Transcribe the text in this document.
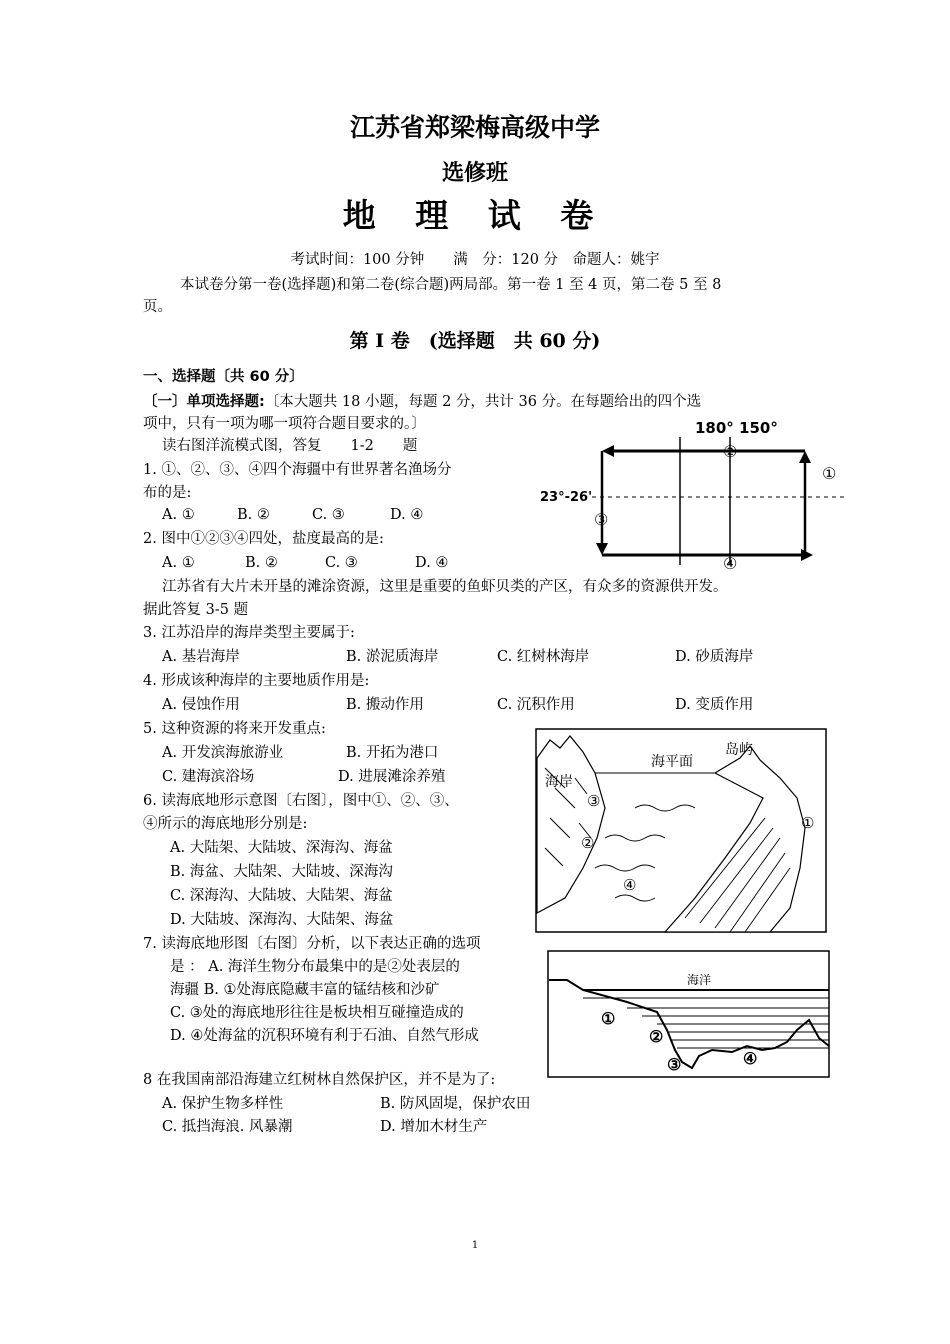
江苏省郑梁梅高级中学
选修班
地 理 试 卷
考试时间：100 分钟　　满　分：120 分　命题人：姚宇
本试卷分第一卷(选择题)和第二卷(综合题)两局部。第一卷 1 至 4 页，第二卷 5 至 8
页。
第 I 卷　(选择题　共 60 分)
一、选择题〔共 60 分〕
〔一〕单项选择题:〔本大题共 18 小题，每题 2 分，共计 36 分。在每题给出的四个选
项中，只有一项为哪一项符合题目要求的。〕
读右图洋流模式图，答复　　1-2　　题
1. ①、②、③、④四个海疆中有世界著名渔场分
布的是:
A. ①	B. ②	C. ③	D. ④
2. 图中①②③④四处，盐度最高的是:
A. ①	B. ②	C. ③	D. ④
180° 150°
23°-26'
①
②
③
④
江苏省有大片未开垦的滩涂资源，这里是重要的鱼虾贝类的产区，有众多的资源供开发。
据此答复 3-5 题
3. 江苏沿岸的海岸类型主要属于:
A. 基岩海岸	B. 淤泥质海岸	C. 红树林海岸	D. 砂质海岸
4. 形成该种海岸的主要地质作用是:
A. 侵蚀作用	B. 搬动作用	C. 沉积作用	D. 变质作用
5. 这种资源的将来开发重点:
A. 开发滨海旅游业	B. 开拓为港口
C. 建海滨浴场	D. 进展滩涂养殖
6. 读海底地形示意图〔右图〕，图中①、②、③、
④所示的海底地形分别是:
A. 大陆架、大陆坡、深海沟、海盆
B. 海盆、大陆架、大陆坡、深海沟
C. 深海沟、大陆坡、大陆架、海盆
D. 大陆坡、深海沟、大陆架、海盆
海平面
岛屿
海岸
①
②
③
④
7. 读海底地形图〔右图〕分析，以下表达正确的选项
是 ： A. 海洋生物分布最集中的是②处表层的
海疆 B. ①处海底隐藏丰富的锰结核和沙矿
C. ③处的海底地形往往是板块相互碰撞造成的
D. ④处海盆的沉积环境有利于石油、自然气形成
海洋
①
②
③	④
8 在我国南部沿海建立红树林自然保护区，并不是为了:
A. 保护生物多样性	B. 防风固堤，保护农田
C. 抵挡海浪. 风暴潮	D. 增加木材生产
1
